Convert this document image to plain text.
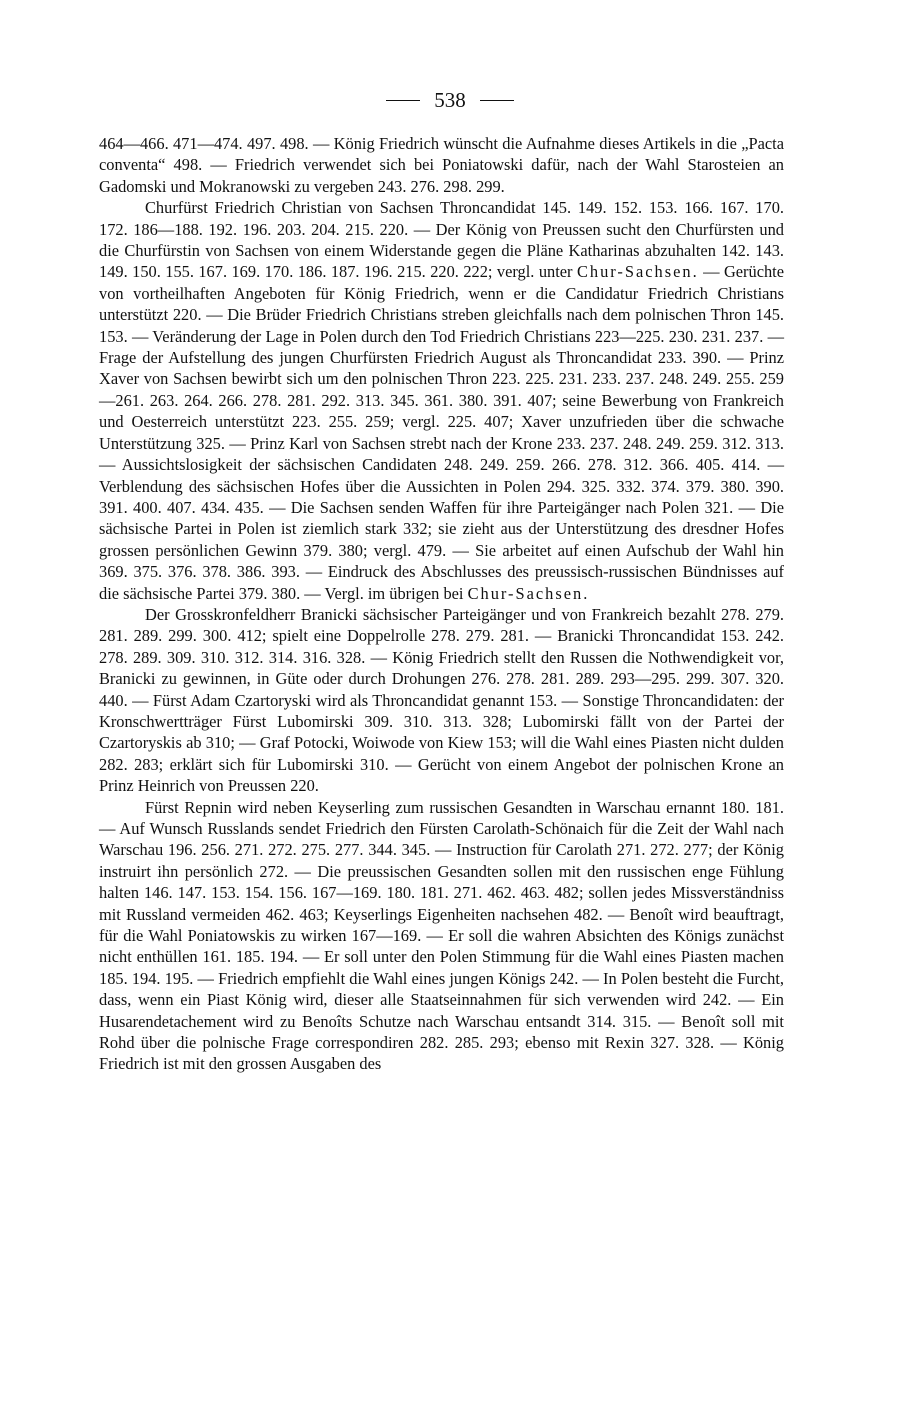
538

464—466. 471—474. 497. 498. — König Friedrich wünscht die Aufnahme dieses Artikels in die „Pacta conventa“ 498. — Friedrich verwendet sich bei Poniatowski dafür, nach der Wahl Starosteien an Gadomski und Mokranowski zu vergeben 243. 276. 298. 299.

Churfürst Friedrich Christian von Sachsen Throncandidat 145. 149. 152. 153. 166. 167. 170. 172. 186—188. 192. 196. 203. 204. 215. 220. — Der König von Preussen sucht den Churfürsten und die Churfürstin von Sachsen von einem Widerstande gegen die Pläne Katharinas abzuhalten 142. 143. 149. 150. 155. 167. 169. 170. 186. 187. 196. 215. 220. 222; vergl. unter Chur-Sachsen. — Gerüchte von vortheilhaften Angeboten für König Friedrich, wenn er die Candidatur Friedrich Christians unterstützt 220. — Die Brüder Friedrich Christians streben gleichfalls nach dem polnischen Thron 145. 153. — Veränderung der Lage in Polen durch den Tod Friedrich Christians 223—225. 230. 231. 237. — Frage der Aufstellung des jungen Churfürsten Friedrich August als Throncandidat 233. 390. — Prinz Xaver von Sachsen bewirbt sich um den polnischen Thron 223. 225. 231. 233. 237. 248. 249. 255. 259—261. 263. 264. 266. 278. 281. 292. 313. 345. 361. 380. 391. 407; seine Bewerbung von Frankreich und Oesterreich unterstützt 223. 255. 259; vergl. 225. 407; Xaver unzufrieden über die schwache Unterstützung 325. — Prinz Karl von Sachsen strebt nach der Krone 233. 237. 248. 249. 259. 312. 313. — Aussichtslosigkeit der sächsischen Candidaten 248. 249. 259. 266. 278. 312. 366. 405. 414. — Verblendung des sächsischen Hofes über die Aussichten in Polen 294. 325. 332. 374. 379. 380. 390. 391. 400. 407. 434. 435. — Die Sachsen senden Waffen für ihre Parteigänger nach Polen 321. — Die sächsische Partei in Polen ist ziemlich stark 332; sie zieht aus der Unterstützung des dresdner Hofes grossen persönlichen Gewinn 379. 380; vergl. 479. — Sie arbeitet auf einen Aufschub der Wahl hin 369. 375. 376. 378. 386. 393. — Eindruck des Abschlusses des preussisch-russischen Bündnisses auf die sächsische Partei 379. 380. — Vergl. im übrigen bei Chur-Sachsen.

Der Grosskronfeldherr Branicki sächsischer Parteigänger und von Frankreich bezahlt 278. 279. 281. 289. 299. 300. 412; spielt eine Doppelrolle 278. 279. 281. — Branicki Throncandidat 153. 242. 278. 289. 309. 310. 312. 314. 316. 328. — König Friedrich stellt den Russen die Nothwendigkeit vor, Branicki zu gewinnen, in Güte oder durch Drohungen 276. 278. 281. 289. 293—295. 299. 307. 320. 440. — Fürst Adam Czartoryski wird als Throncandidat genannt 153. — Sonstige Throncandidaten: der Kronschwertträger Fürst Lubomirski 309. 310. 313. 328; Lubomirski fällt von der Partei der Czartoryskis ab 310; — Graf Potocki, Woiwode von Kiew 153; will die Wahl eines Piasten nicht dulden 282. 283; erklärt sich für Lubomirski 310. — Gerücht von einem Angebot der polnischen Krone an Prinz Heinrich von Preussen 220.

Fürst Repnin wird neben Keyserling zum russischen Gesandten in Warschau ernannt 180. 181. — Auf Wunsch Russlands sendet Friedrich den Fürsten Carolath-Schönaich für die Zeit der Wahl nach Warschau 196. 256. 271. 272. 275. 277. 344. 345. — Instruction für Carolath 271. 272. 277; der König instruirt ihn persönlich 272. — Die preussischen Gesandten sollen mit den russischen enge Fühlung halten 146. 147. 153. 154. 156. 167—169. 180. 181. 271. 462. 463. 482; sollen jedes Missverständniss mit Russland vermeiden 462. 463; Keyserlings Eigenheiten nachsehen 482. — Benoît wird beauftragt, für die Wahl Poniatowskis zu wirken 167—169. — Er soll die wahren Absichten des Königs zunächst nicht enthüllen 161. 185. 194. — Er soll unter den Polen Stimmung für die Wahl eines Piasten machen 185. 194. 195. — Friedrich empfiehlt die Wahl eines jungen Königs 242. — In Polen besteht die Furcht, dass, wenn ein Piast König wird, dieser alle Staatseinnahmen für sich verwenden wird 242. — Ein Husarendetachement wird zu Benoîts Schutze nach Warschau entsandt 314. 315. — Benoît soll mit Rohd über die polnische Frage correspondiren 282. 285. 293; ebenso mit Rexin 327. 328. — König Friedrich ist mit den grossen Ausgaben des
